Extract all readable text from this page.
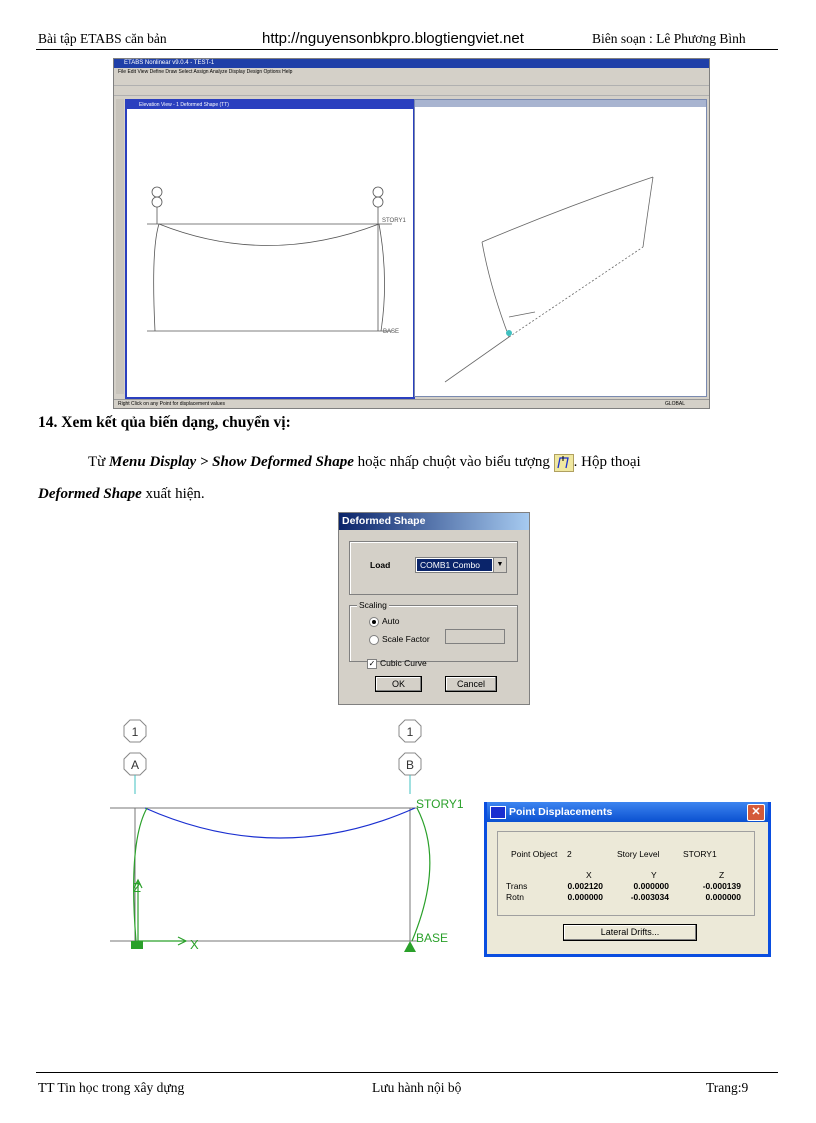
Bài tập ETABS căn bản	http://nguyensonbkpro.blogtiengviet.net	Biên soạn : Lê Phương Bình
ETABS Nonlinear v9.0.4 - TEST-1
File Edit View Define Draw Select Assign Analyze Display Design Options Help
Elevation View - 1 Deformed Shape (TT)
STORY1
BASE
Right Click on any Point for displacement values	GLOBAL
14. Xem kết qủa biến dạng, chuyển vị:
Từ Menu Display > Show Deformed Shape hoặc nhấp chuột vào biểu tượng . Hộp thoại
Deformed Shape xuất hiện.
Deformed Shape
Load	COMB1 Combo	▼
Scaling
Auto
Scale Factor
✓ Cubic Curve
OK	Cancel
1
A
1
B
Z
X
STORY1
BASE
Point Displacements	✕
Point Object 2	Story Level	STORY1
X	Y	Z
Trans	0.002120	0.000000	-0.000139
Rotn	0.000000	-0.003034	0.000000
Lateral Drifts...
TT Tin học trong xây dựng	Lưu hành nội bộ	Trang:9
